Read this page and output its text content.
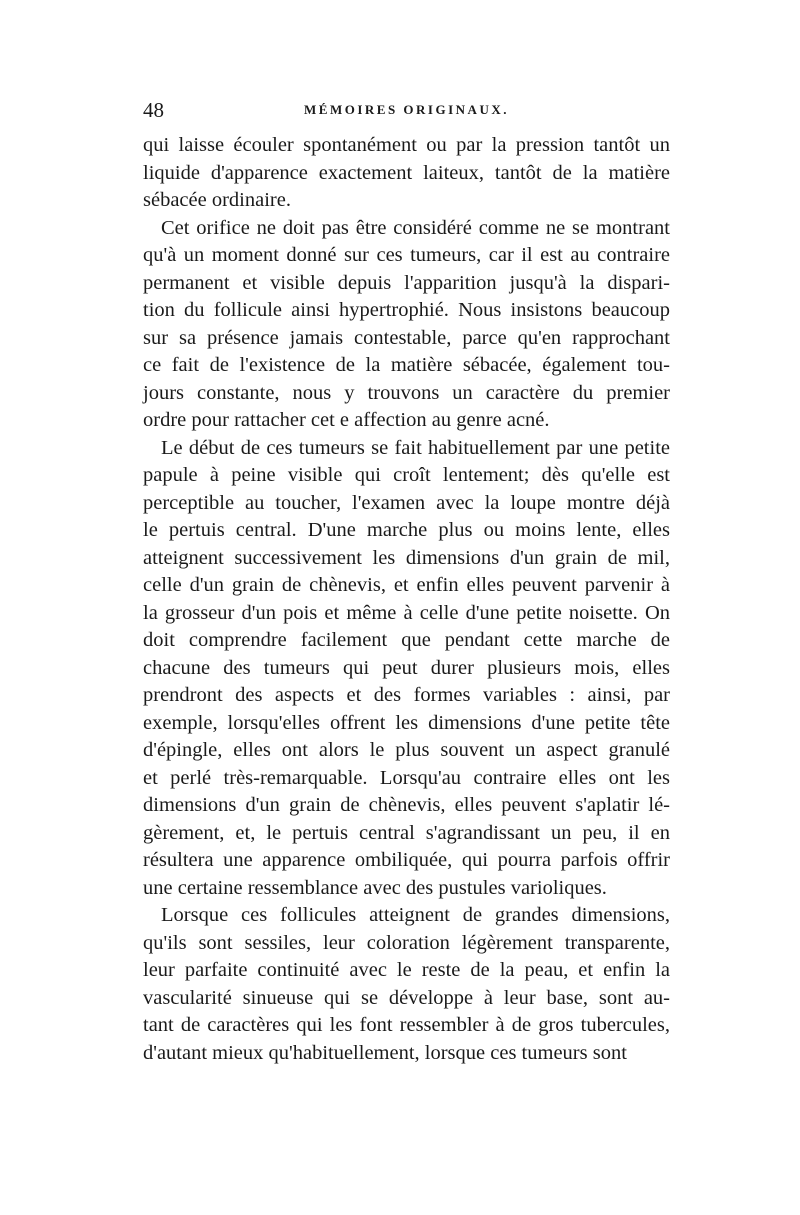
48	MÉMOIRES ORIGINAUX.
qui laisse écouler spontanément ou par la pression tantôt un
liquide d'apparence exactement laiteux, tantôt de la matière
sébacée ordinaire.
Cet orifice ne doit pas être considéré comme ne se montrant
qu'à un moment donné sur ces tumeurs, car il est au contraire
permanent et visible depuis l'apparition jusqu'à la dispari-
tion du follicule ainsi hypertrophié. Nous insistons beaucoup
sur sa présence jamais contestable, parce qu'en rapprochant
ce fait de l'existence de la matière sébacée, également tou-
jours constante, nous y trouvons un caractère du premier
ordre pour rattacher cet e affection au genre acné.
Le début de ces tumeurs se fait habituellement par une petite
papule à peine visible qui croît lentement; dès qu'elle est
perceptible au toucher, l'examen avec la loupe montre déjà
le pertuis central. D'une marche plus ou moins lente, elles
atteignent successivement les dimensions d'un grain de mil,
celle d'un grain de chènevis, et enfin elles peuvent parvenir à
la grosseur d'un pois et même à celle d'une petite noisette. On
doit comprendre facilement que pendant cette marche de
chacune des tumeurs qui peut durer plusieurs mois, elles
prendront des aspects et des formes variables : ainsi, par
exemple, lorsqu'elles offrent les dimensions d'une petite tête
d'épingle, elles ont alors le plus souvent un aspect granulé
et perlé très-remarquable. Lorsqu'au contraire elles ont les
dimensions d'un grain de chènevis, elles peuvent s'aplatir lé-
gèrement, et, le pertuis central s'agrandissant un peu, il en
résultera une apparence ombiliquée, qui pourra parfois offrir
une certaine ressemblance avec des pustules varioliques.
Lorsque ces follicules atteignent de grandes dimensions,
qu'ils sont sessiles, leur coloration légèrement transparente,
leur parfaite continuité avec le reste de la peau, et enfin la
vascularité sinueuse qui se développe à leur base, sont au-
tant de caractères qui les font ressembler à de gros tubercules,
d'autant mieux qu'habituellement, lorsque ces tumeurs sont
